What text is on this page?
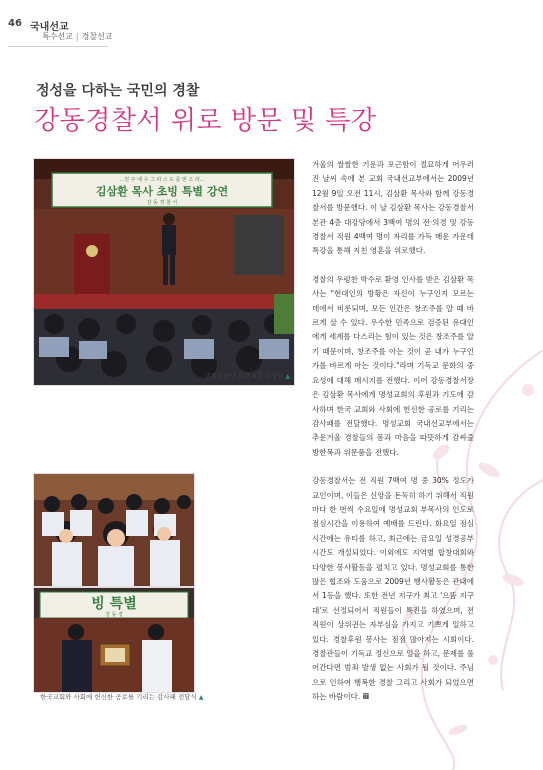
46 국내선교
특수선교 | 경찰선교
정성을 다하는 국민의 경찰
강동경찰서 위로 방문 및 특강
…천 주 예 수 그 리 스 도 를 믿 으 라…
김삼환 목사 초빙 특별 강연
강 동 경 찰 서
강동경찰서 본관 4층 대강당 ▲
빙 특별
강 동 경
한국교회와 사회에 헌신한 공로를 기리는 감사패 전달식 ▲

겨울의 쌀쌀한 기운과 포근함이 절묘하게 어우러진 날씨 속에 본 교회 국내선교부에서는 2009년 12월 9일 오전 11시, 김삼환 목사와 함께 강동경찰서를 방문했다. 이 날 김삼환 목사는 강동경찰서 본관 4층 대강당에서 3백여 명의 전·의경 및 강동경찰서 직원 4백여 명이 자리를 가득 메운 가운데 특강을 통해 지친 영혼을 위로했다.

경찰의 우렁찬 박수로 환영 인사를 받은 김삼환 목사는 "현대인의 방황은 자신이 누구인지 모르는 데에서 비롯되며, 모든 인간은 창조주를 알 때 바르게 살 수 있다. 우수한 민족으로 검증된 유대인에게 세계를 다스리는 힘이 있는 것은 창조주를 알기 때문이며, 창조주를 아는 것이 곧 내가 누구인가를 바르게 아는 것이다."라며 기독교 문화의 중요성에 대해 메시지를 전했다. 이어 강동경찰서장은 김삼환 목사에게 명성교회의 후원과 기도에 감사하며 한국 교회와 사회에 헌신한 공로를 기리는 감사패를 전달했다. 명성교회 국내선교부에서는 추운겨울 경찰들의 몸과 마음을 따뜻하게 감싸줄 방한복과 위문품을 전했다.

강동경찰서는 전 직원 7백여 명 중 30% 정도가 교인이며, 이들은 신앙을 돈독히 하기 위해서 직원마다 한 번씩 수요일에 명성교회 부목사의 인도로 점심시간을 이용하여 예배를 드린다. 화요일 점심시간에는 유티를 하고, 최근에는 금요일 성경공부 시간도 개설되었다. 이외에도 지역별 합창대회와 다양한 봉사활동을 펼치고 있다. 명성교회를 통한 많은 협조와 도움으로 2009년 행사활동은 관내에서 1등을 했다. 또한 전년 지구가 최고 '으뜸 지구대'로 선정되어서 직원들이 특진을 하였으며, 전 직원이 상위권는 자부심을 가지고 기쁘게 일하고 있다. 경찰후원 봉사는 점점 많아지는 시회이다. 경찰관들이 기독교 정신으로 일을 하고, 문제를 풀어간다면 범죄 발생 없는 사회가 될 것이다. 주님으로 인하여 행복한 경찰 그리고 사회가 되었으면 하는 바람이다. ⅲ
